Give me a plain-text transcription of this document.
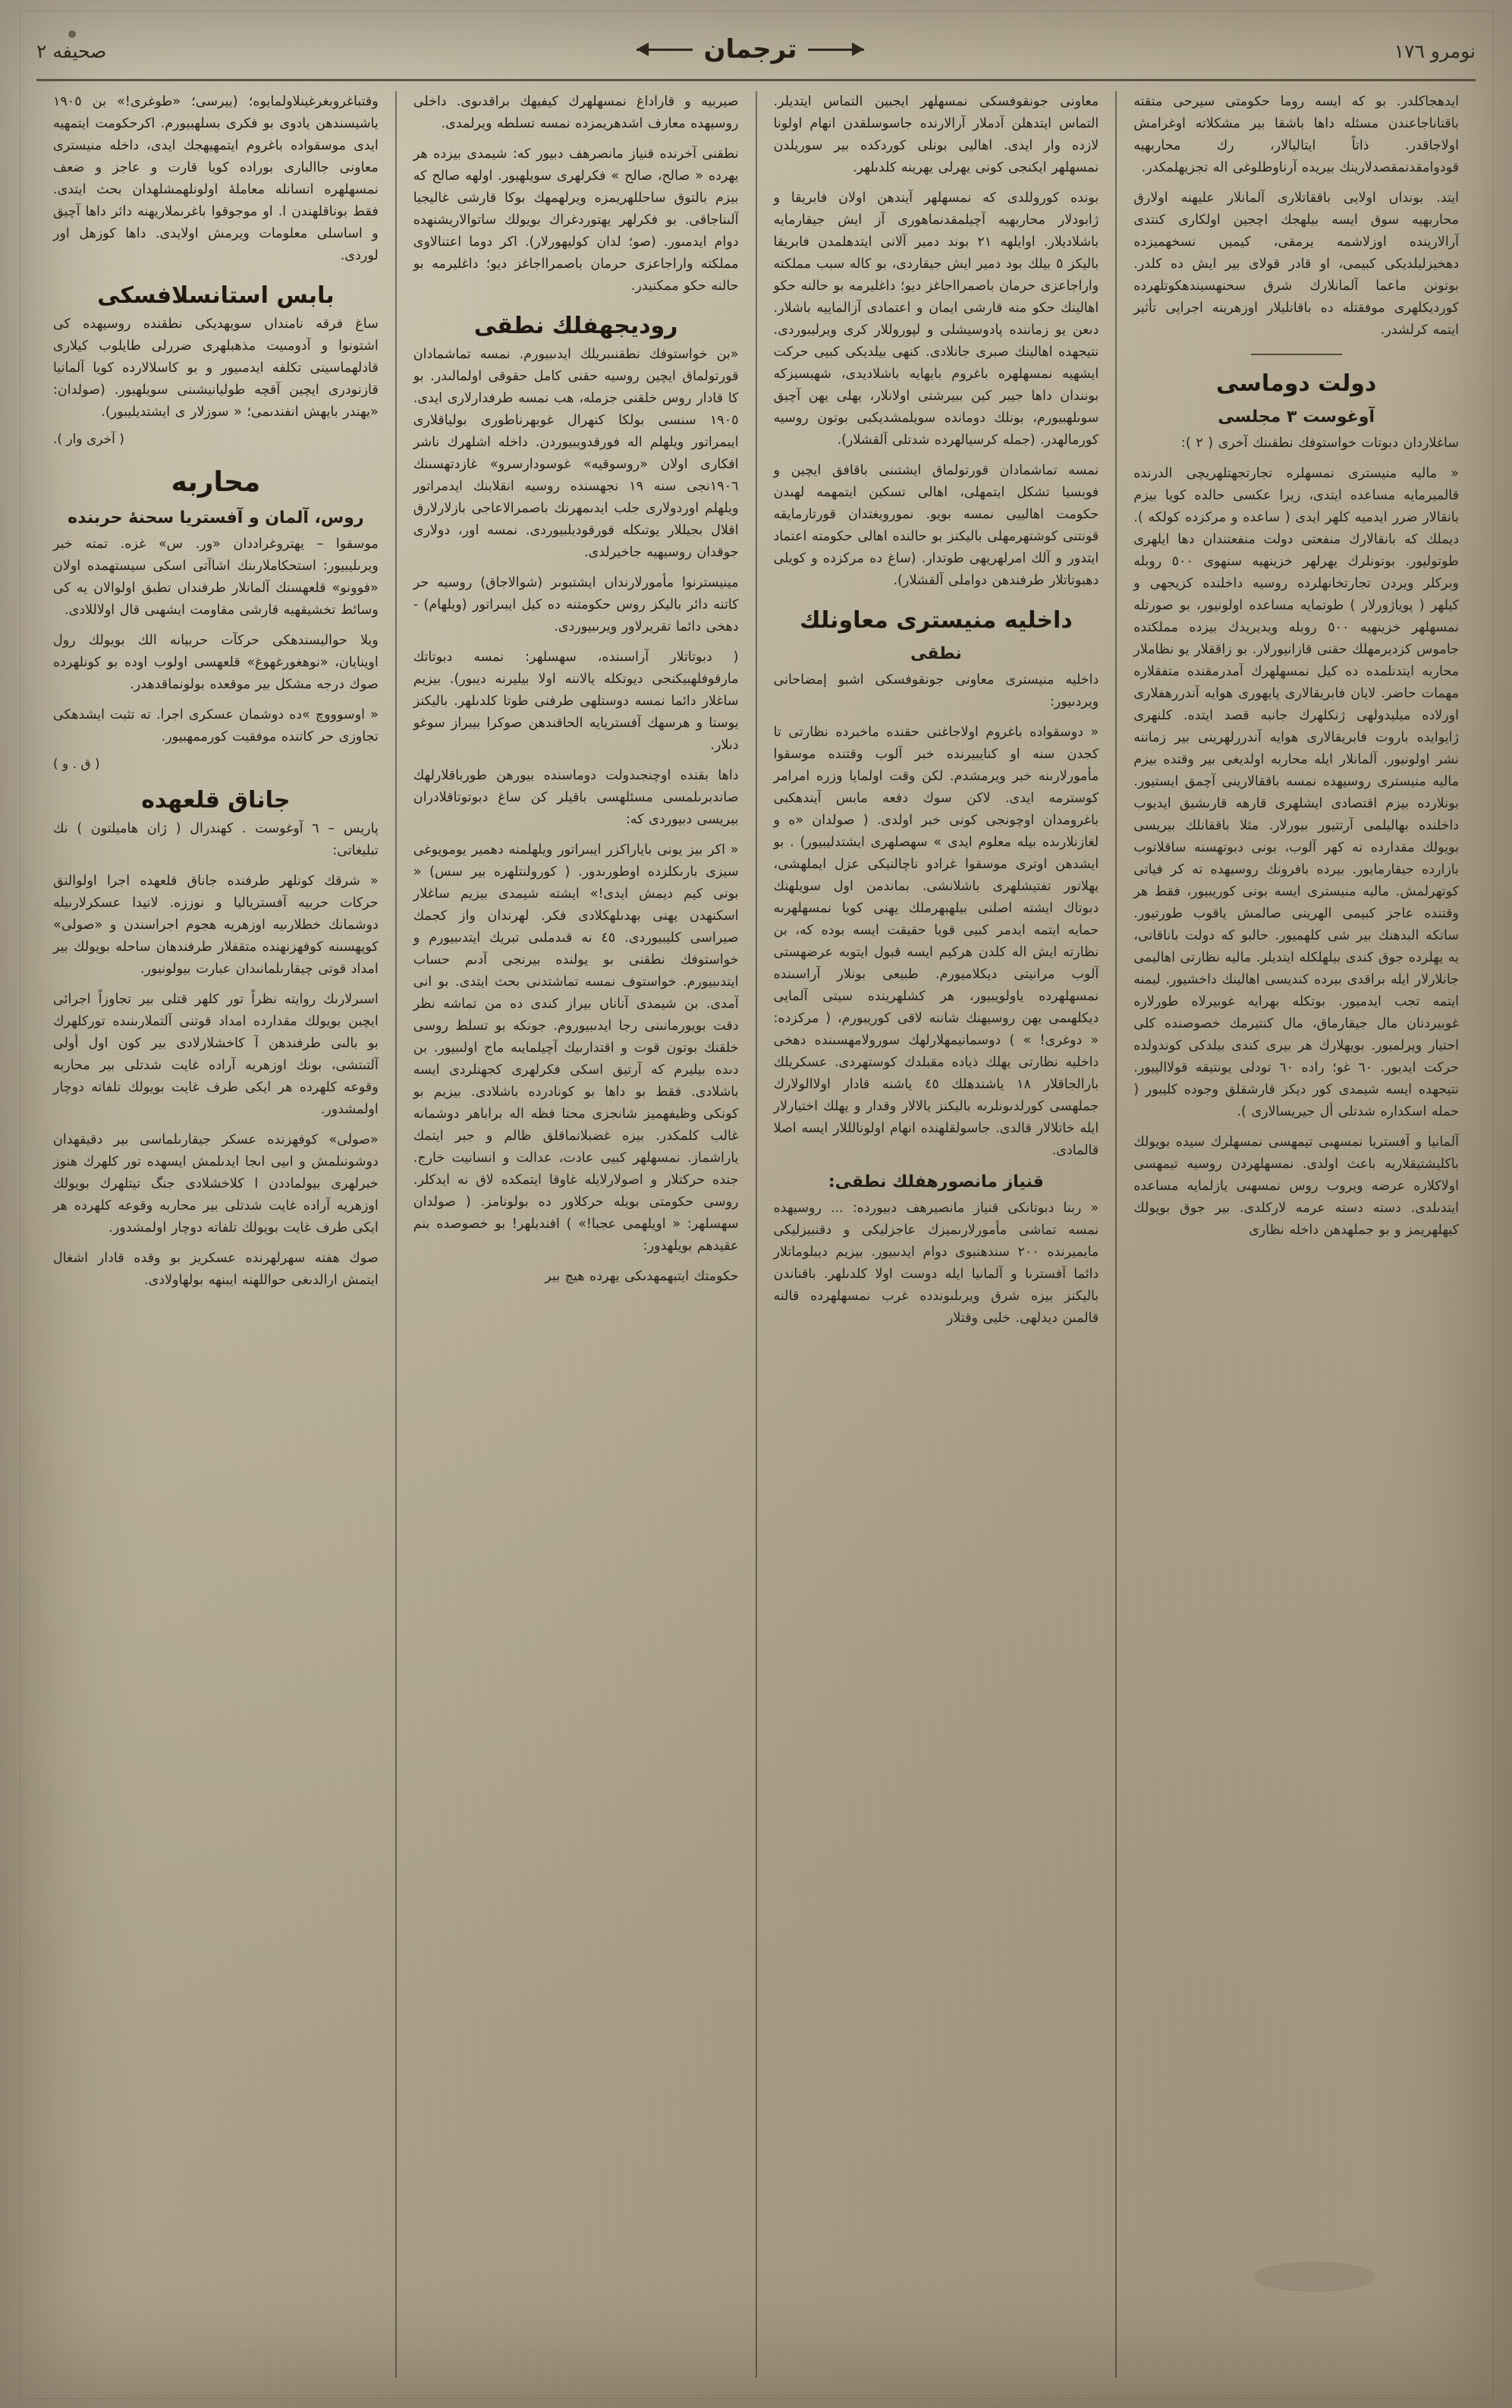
نومرو ١٧٦
ترجمان
صحيفه ٢
ایدهجاكلدر. بو كه ایسه روما حكومتی سیرحی متقته باقتاناجاعندن مسئله داها باشقا بیر مشكلاته اوغرامش اولاجاقدر. ذاتاً ایتالیالار، رك محاربهیه قودوامقدنمقصدلارینك بیریده آرناوطلوغی اله تجزیهلمكدر.
ایتد. بونداں اولایی باققاتلارى آلمانلار علیهنه اولارق محاربهیه سوق ایسه بیلهجك اچجین اولكارى كنتدى آرالارینده اوزلاشمه یرمقی، كیمیں نسخهمیزده دهخیزلیلدیكى كبیمى، او قادر قولاى بیر ایش ده كلدر. بوتونن ماعما آلمانلارك شرق سحنهسیندهكوتلهرده كوردیكلهرى موفقتله ده باقانلیلار اوزهرینه اجرایى تأثیر ایتمه كرلشدر.
دولت دوماسی
آوغوست ٣ مجلسى
ساغلاردان دبوتات خواستوفك نطقىنك آخرى ( ٢ ):
« مالیه منیستری نمسهلره تجارتجهتلهریچى الدرنده قالمیرمایه مساعده ایتدى، زیرا عكسى حالده كویا بیزم بانقالار ضرر ایدمیه كلهر ایدى ( ساعده و مركزده كولكه ). دیملك كه بانقالارك منفعتى دولت منفعتندان دها ایلهرى طوتولیور. بوتونلرك یهرلهر خزینهیه سنهوى ٥٠٠ روبله وبركلر ویردن تجارتخانهلرده روسیه داخلنده كزیجهى و كیلهر ( پویاژورلار ) طوتمایه مساعده اولونیور، بو صورتله نمسهلهر خزینهیه ٥٠٠ روبله ویدیریدك بیزده مملكتده جاموس كزدیرمهلك حقنى قازانیورلار. بو زاققلار یو نظاملار محاربه ایتدنلمده ده كیل نمسهلهرك آمدرمقنده متفقلاره مهمات حاضر. لایان فابریقالارى پایهورى هوایه آندررهفلارى اورلاده میلیدولهى ژنكلهرك جانبه قصد ایتده. كلنهرى ژایوایده باروت فابریقالارى هوایه آندررلهرینى بیر زماننه نشر اولونیور. آلمانلار ایله محاربه اولدیغى بیر وقتده بیزم مالیه منیستری روسیهده نمسه باققالارینى آچمق ایستیور. بونلارده بیزم اقتصادى ایشلهرى قارهه قارىشیق ایدیوب داخلنده بهالیلمى آرتتیور بیورلار. مثلا باققانلك بیریسى بویولك مقدارده ته كهر آلوب، بونى دبوتهسنه ساقلاتوب بازارده جیقارمایور. بیرده بافرونك روسیهده ته كر فیاتى كوتهرلمش. مالیه منیستری ایسه بونى كوریبیور، فقط هر وقتنده عاجز كبیمى الهرینى صالمش یاقوب طورتیور. ساتكه البدهنك بیر شى كلهمیور. حالبو كه دولت باناقاتى، یه یهلرده جوق كندى بیلهلكله ایتدیلر. مالیه نظارتى اهالیمى جانلارلار ایله براقدى بیرده كندیسى اهالینك داخشیور. لیمنه ایتمه تجب ایدمیور. بوتكله بهرایه غوبیرلاه طورلاره غوبیردنان مال جیقارماق، مال كنتیرمك خصوصنده كلى احتیار ویرلمیور. بویهلارك هر بیرى كندى بیلدكى كوندولده حركت ایدیور. ٦٠ غو؛ راده ٦٠ تودلى یونتیقه قولاالپیور. نتیجهده ایسه شیمدى كور دیكز قارشقلق وجوده كلیبور ( حمله اسكداره شدتلى أل جیریسالارى ).
آلمانیا و آفستریا نمسهىی تیمهسى نمسهلرك سیده بویولك باكلیشتیقلاریه باعث اولدى. نمسهلهردن روسیه تیمهسى اولاكلاره عرضه ویروب روس نمسهىی یازلمایه مساعده ایتدىلدى. دسته دسته عرمه لارکلدى. بیر جوق بویولك كیهلهریمز و بو جملهدهن داخله نظارى
معاونى جونقوفسكى نمسهلهر ایجبین التماس ایتدیلر. التماس ایتدهلن آدملار آرالارنده جاسوسلقدن انهام اولونا لازده وار ایدى. اهالیى بونلى كوردكده بیر سوریلدن نمسهلهر ایكنجى كونى یهرلى یهرینه كلدىلهر.
بونده كوروللدى كه نمسهلهر آیندهن اولان فابریقا و ژابودلار محاربهیه آچیلمقدنماهورى آز ایش جیقارمایه باشلادیلار. اوایلهه ٢١ بوند دمیر آلانى ایتدهلمدن فابریقا بالیكز ٥ بیلك بود دمیر ایش جیقاردى، بو كاله سبب مملكته واراجاعزى حرمان باصمرااجاغز دیو؛ داغلیرمه بو حالنه حكو اهالینك حكو منه قارشى ایمان و اعتمادى آزالماییه باشلار. دىعن یو زماننده پادوسیشلى و لپوروللار كرى ویرلیبوردى. نتیجهده اهالینك صبرى جانلادى. كنهى بیلدیكى كبیى حركت ایشهیه نمسهلهره باغروم بایهایه باشلادیدى، شهبسیزكه بونندان داها جیبر كین ببیرشتى اولانلار، یهلى یهن آچیق سوىلهبیورم، بونلك دومانده سویلمشدیكبى بوتون روسیه كورمالهدر. (جمله كرسیالهرده شدتلى آلقشلار).
نمسه تماشمادان قورتولماق ایشتىنى باقافق ایچین و فوبسیا تشكل ایتمهلى، اهالى تسكین ایتمهمه لهىدن حكومت اهالییى نمسه بویو. نمورویغتدان قورتارمایقه قونتنى كوشتهرمهلى بالیكنز بو حالنده اهالى حكومته اعتماد ایتدور و آلك امرلهریهى طوتدار. (ساغ ده مركزده و كویلى دهبوتاتلار طرفندهن دواملى آلقشلار).
داخلیه منیسترى معاونلك
نطقى
داخلیه منیسترى معاونى جونقوفسكى اشبو إمضاحانى ویردىیور:
« دوسقواده باغروم اولاجاغنى حقنده ماخبرده نظارتى تا كجدن سنه او كنایبیرنده خبر آلوب وقتنده موسقوا مأمورلارىنه خبر ویرمشدم. لكن وقت اولمایا وزره امرامر كوسترمه ایدى. لاكن سوك دفعه مابس آیندهكبى باغرومدان اوچونجى كونى خبر اولدى. ( صولدان «ه و لغازنلارىده بیله معلوم ایدى » سهصلهرى ایشتدلیبیور) . بو ایشدهن اوترى موسقوا غرادو ناچالنیكى عزل ایملهشى، یهلاتور تفتیشلهرى باشلانشى. بماندمن اول سویلهنك دبوتاك ایشته اصلنى بیلهبهرملك یهنى كویا نمسهلهرىه حمایه ایتمه ایدمر كبیى قویا حقیقت ایسه بوده كه، بن نظارته ایش اله كلدن هركیم ایسه قبول ایتوبه عرضهستى آلوب مرانیتى دیكلامیورم. طبیعى بونلار آراسىنده نمسهلهرده یاولویبیور، هر كشلهرینده سیتى آلمایى دیكلهىمى یهن روسیهنك شاننه لاقى كوریبورم، ( مركزده: « دوغرى! » ) دوسمانیمهلارلهك سورولامهسىنده دهخى داخلیه نظارتى یهلك ذیاده مقبلدك كوستهردى. عسكریلك بارالجاقلار ١٨ یاشندهلك ٤٥ یاشنه قادار اولاالولارك جملهسى كورلدىونلرىه بالیكنز یالالار وقدار و یهلك اختیارلار ایله خاتلالار قالدى. جاسولقلهنده انهام اولونالللار ایسه اصلا قالمادى.
قنیاز مانصورهفلك نطقى:
« ربنا دبوتانكى قنیاز مانصیرهف دبیورده: ... روسیهده نمسه تماشى مأمورلارىمیزك عاجزلیكى و دقنبیزلیكى مایمیرنده ٢٠٠ سندهنبوى دوام ایدىبیور. بیزیم دیبلوماتلار دائما آفسترىا و آلمانیا ایله دوست اولا كلدىلهر. باقناندن بالیكنز بیزه شرق ویرىلىوندده غرب نمسهلهرده قالنه قالمىن دیدلهى. خلیى وقتلار
صیربیه و قاراداغ نمسهلهرك كیفیهك براقدىوى. داخلى روسیهده معارف اشدهریمزده نمسه تسلطه ویرلمدى.
نطقنى آخرنده قنیاز مانصرهف دبیور كه: شیمدى بیزده هر یهرده « صالح، صالح » فكرلهرى سویلهیور. اولهه صالح كه بیزم بالتوق ساحللهریمزه ویرلهمهك بوكا قارشى غالیجیا آلىناجاقى. بو فكرلهر یهتوردغراك بویولك ساتوالاریشنهده دوام ایدمىور. (صو؛ لدان كولیهورلار). اكر دوما اعتنالاوى مملكته واراجاعزى حرمان باصمرااجاغز دیو؛ داغلیرمه بو حالنه حكو ممكنیدر.
رودیجهفلك نطقى
«بن خواستوفك نطقنىبریلك ایدىبیورم. نمسه تماشمادان قورتولماق ایچین روسیه حقنى كامل حقوقى اولمالىدر. بو كا قادار روس خلقنى جزمله، هب نمسه طرفدارلارى ایدى. ١٩٠٥ سنسى بولكا كنهرال غوبهرناطورى بولیاقلارى ایبمراتور ویلهلم اله فورقدویبیوردن. داخله اشلهرك ناشر افكارى اولان «روسوقیه» غوسودارسرو» غازدتهسىنك ١٩٠٦نجى سنه ١٩ نجهسنده روسیه انقلابنك ایدمراتور ویلهلم اوردولارى جلب ایدىمهرنك باصمرالاعاجى بازلارلارق اقلال بجیللار یوتىكله قورقودیلبیوردى. نمسه اور، دولارى جوقدان روسیهیه جاخیرلدى.
مینیسترنوا مأمورلارنداں ایشتبوىر (شوالاجاق) روسیه حر كاتنه دائر بالیكز روس حكومتنه ده كیل ایبىراتور (ویلهام) - دهخى دائما تقریرلاور ویرىبیوردى.
( دبوتاتلار آراسىنده، سهسلهر: نمسه دبوتاتك مارقوفلهبیكنجى دیوتكله یالاننه اولا بیلیرنه دیبور). بیزیم ساغلار دائما نمسه دوستلهى طرفنى طوتا كلدىلهر. بالیكنز یوستا و هرسهك آفستریایه الحاقندهن صوكرا بیبراز سوغو دىلار.
داها بقنده اوچنجىدولت دوماسنده بیورهن طورباقلارلهك صاندبرىلمسى مسئلهسى باقیلر كن ساغ دبوتوتاقلادران بیریسى دبیوردى كه:
« اكر بیز یونى بایاراكزر ایبىراتور ویلهلمنه دهمیر یومویوغى سیزى بارىكلزده اوطورىدور. ( كورولنتلهره بیر سس) « بونى كیم دیمش ایدى!» ایشته شیمدى بیزیم ساغلار اسكنهدن یهنى بهدىلهكلادى فكر. لهرندان واز كجمك صیراسى كلیبیوردى. ٤٥ نه قىدملىى تبریك ایتدىبیورم و خواستوفك نطقنى بو یولنده بیرنجى آدىم حساب ایتدىبیورم. خواستوف نمسه تماشتدنى بحث ایتدى. بو انى آمدى. بن شیمدى آناناں بیراز كندى ده من تماشه نظر دقت بویورمانىنى رجا ایدىبیوروم. جونكه بو تسلط روسى خلقنك بوتون قوت و اقتدارىیك آچیلمایىه ماج اولىبیور. بن دىده بیلیرم كه آرتیق اسكى فكرلهرى كجهنلردى ایسه باشلادى. فقط بو داها بو كونادرده باشلادى. بیزیم بو كونكى وظیفهمیز شانجزى محتا فظه اله براباهر دوشمانه غالب كلمكدر. بیزه غضبلانماقلق ظالم و جبر ایتمك یاراشماز. نمسهلهر كبیى عادت، عدالت و انسانیت خارج. جنده حركتلار و اصولارلایله غاوقا ایتمكده لاق نه ایدكلر. روسى حكومتى بویله حركلاور ده بولونامز. ( صولدان سهسلهر: « اویلهمى عجبا!» ) افندیلهر! بو خصوصده بنم عقیدهم بویلهدور:
حكومتك ایتبهمهدىكى یهرده هیچ بیر
وقتباغروبغرغینلاولمایوه؛ (ییرسى؛ «طوغرى!» بن ١٩٠٥ یاشیسندهن یادوى بو فكرى بسلهبیورم. اكرحكومت ایتمهیه ایدى موسقواده باغروم ایتمهیهجك ایدى، داخله منیسترى معاونى جاالبارى بوراده كویا قارت و عاجز و ضعف نمسهلهره انسانله معاملهٔ اولونلهمشلهدان بحث ایتدى. فقط بوناقلهندن ا. او موجوقوا باغرىملاریهنه دائر داها آچیق و اساسلى معلومات ویرمش اولایدى. داها كوزهل اور لوردى.
بابس استانسلافسكى
ساغ فرقه نامنداں سویهدیكى نطقنده روسیهده كى اشتونوا و آدومىیت مذهبلهرى ضررلى طایلوب كیلارى قادلهماسینى تكلفه ایدمىیور و بو كاسلالارده كویا آلمانیا قازنودرى ایچین آقچه طولیانیشىنى سویلهیور. (صولدان: «یهندر بایهش انفندىمى؛ « سوزلار ى ایشتدیلیبور).
( آخرى وار ).
محاربه
روس، آلمان و آفستریا سحنهٔ حربنده
موسقوا – یهتروغراددان «ور. س» غزه. تمته خبر ویرىلیبیور: استحكاملارىنك اشاآتى اسكى سیستهمده اولان «فوونو» قلعهسنك آلمانلار طرفنداں تطبق اولوالان یه كى وسائط تخشیقهیه قارشى مقاومت ایشهىى قال اولاللادى.
ویلا حوالیسندهكى حركآت حربیانه الك بویولك رول اوینایان، «نوهغورغهوغ» قلعهسى اولوب اوده بو كونلهرده صوك درجه مشكل بیر موقعده بولونماقدهدر.
« اوسوووچ »ده دوشمان عسكرى اجرا. ته تثبت ایشدهكى تجاوزی حر كاتنده موفقیت كورممهبیور.
( ق . و )
جاناق قلعهده
پاریس – ٦ آوغوست . كهندرال ( ژان هامیلتون ) نك تبلیغاتى:
« شرقك كونلهر طرفنده جاناق قلعهده اجرا اولوالنق حركات حربیه آفستریالیا و نوززه. لانیدا عسكرلارىیله دوشمانك خطلارىیه اوزهریه هجوم اجراسندن و «صولى» كوپهسىنه كوفهزنهنده متقفلار طرفندهان ساحله بویولك بیر امداد قوتى چیقارىلمانىدان عبارت بیولونیور.
اسىرلارىك روایته نظراً تور كلهر قتلى بیر تجاوزاً اجرائى ایچبن بویولك مقدارده امداد قوتنى آلتملارىنىده توركلهرك بو بالىى طرفندهن آ كاخشلارلادى بیر كون اول أولى آلتىتشى، بونك اوزهریه آراده غایت شدتلى بیر محاربه وقوعه كلهرده هر ایكى طرف غایت بویولك تلفاته دوچار اولمشدور.
«صولى» كوفهزنده عسكر جیقارىلماسى بیر دقیقهدان دوشونىلمش و اىیى اىجا ایدىلمش ایسهده تور كلهرك هنوز خبرلهرى بیولماددن ا كلاخشلادى جنگ تیتلهرك بویولك اوزهریه آراده غایت شدتلى بیر محاربه وقوعه كلهرده هر ایكى طرف غایت بویولك تلفاته دوچار اولمشدور.
صوك هفته سهرلهرنده عسكریز بو وقده قادار اشغال ایتمش ارالدىغى حواللهنه ایبنهه بولهاولادى.
